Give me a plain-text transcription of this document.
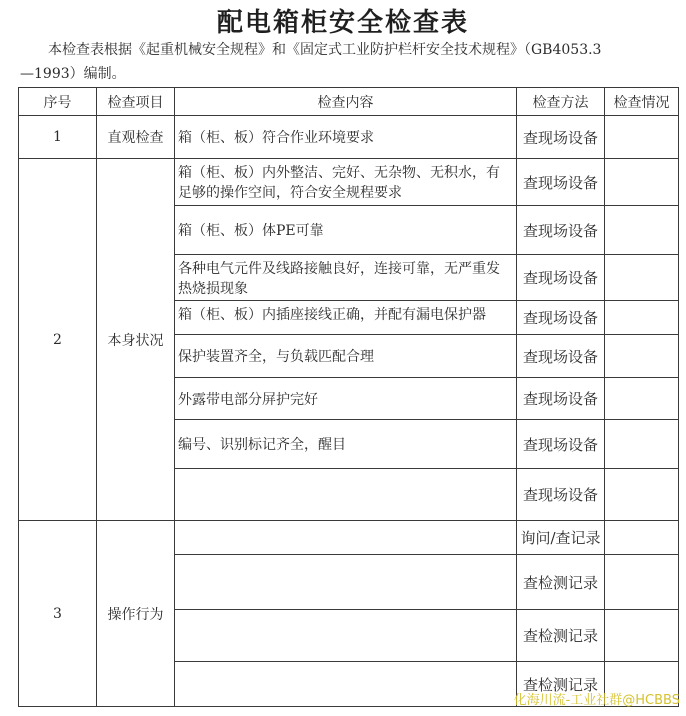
配电箱柜安全检查表
本检查表根据《起重机械安全规程》和《固定式工业防护栏杆安全技术规程》（GB4053.3
—1993）编制。
序号	检查项目	检查内容	检查方法	检查情况
1	直观检查	箱（柜、板）符合作业环境要求	查现场设备	
2	本身状况	箱（柜、板）内外整洁、完好、无杂物、无积水，有足够的操作空间，符合安全规程要求	查现场设备	

		箱（柜、板）体PE可靠	查现场设备	

		各种电气元件及线路接触良好，连接可靠，无严重发热烧损现象	查现场设备	

		箱（柜、板）内插座接线正确，并配有漏电保护器	查现场设备	

		保护装置齐全，与负载匹配合理	查现场设备	

		外露带电部分屏护完好	查现场设备	

		编号、识别标记齐全，醒目	查现场设备	

			查现场设备	
3	操作行为		询问/查记录	

			查检测记录	

			查检测记录	

			查检测记录	
化海川流-工业社群@HCBBS
